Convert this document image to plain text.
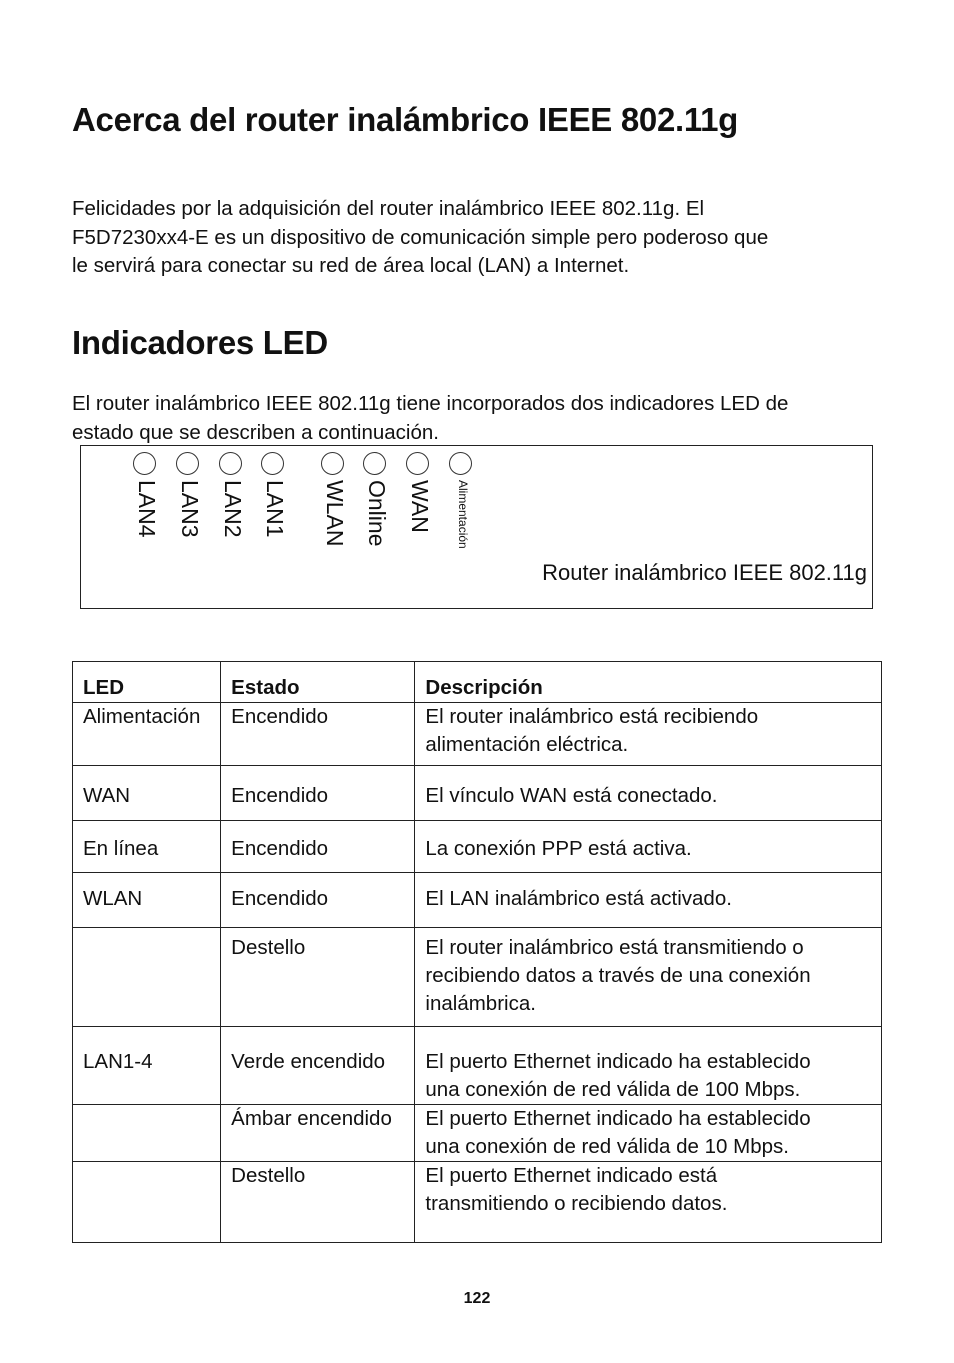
Acerca del router inalámbrico IEEE 802.11g

Felicidades por la adquisición del router inalámbrico IEEE 802.11g. El
F5D7230xx4-E es un dispositivo de comunicación simple pero poderoso que
le servirá para conectar su red de área local (LAN) a Internet.

Indicadores LED

El router inalámbrico IEEE 802.11g tiene incorporados dos indicadores LED de
estado que se describen a continuación.

LAN4 LAN3 LAN2 LAN1 WLAN Online WAN Alimentación
Router inalámbrico IEEE 802.11g
LED	Estado	Descripción
Alimentación	Encendido	El router inalámbrico está recibiendo
alimentación eléctrica.
WAN	Encendido	El vínculo WAN está conectado.
En línea	Encendido	La conexión PPP está activa.
WLAN	Encendido	El LAN inalámbrico está activado.
	Destello	El router inalámbrico está transmitiendo o
recibiendo datos a través de una conexión
inalámbrica.
LAN1-4	Verde encendido	El puerto Ethernet indicado ha establecido
una conexión de red válida de 100 Mbps.
	Ámbar encendido	El puerto Ethernet indicado ha establecido
una conexión de red válida de 10 Mbps.
	Destello	El puerto Ethernet indicado está
transmitiendo o recibiendo datos.
122
